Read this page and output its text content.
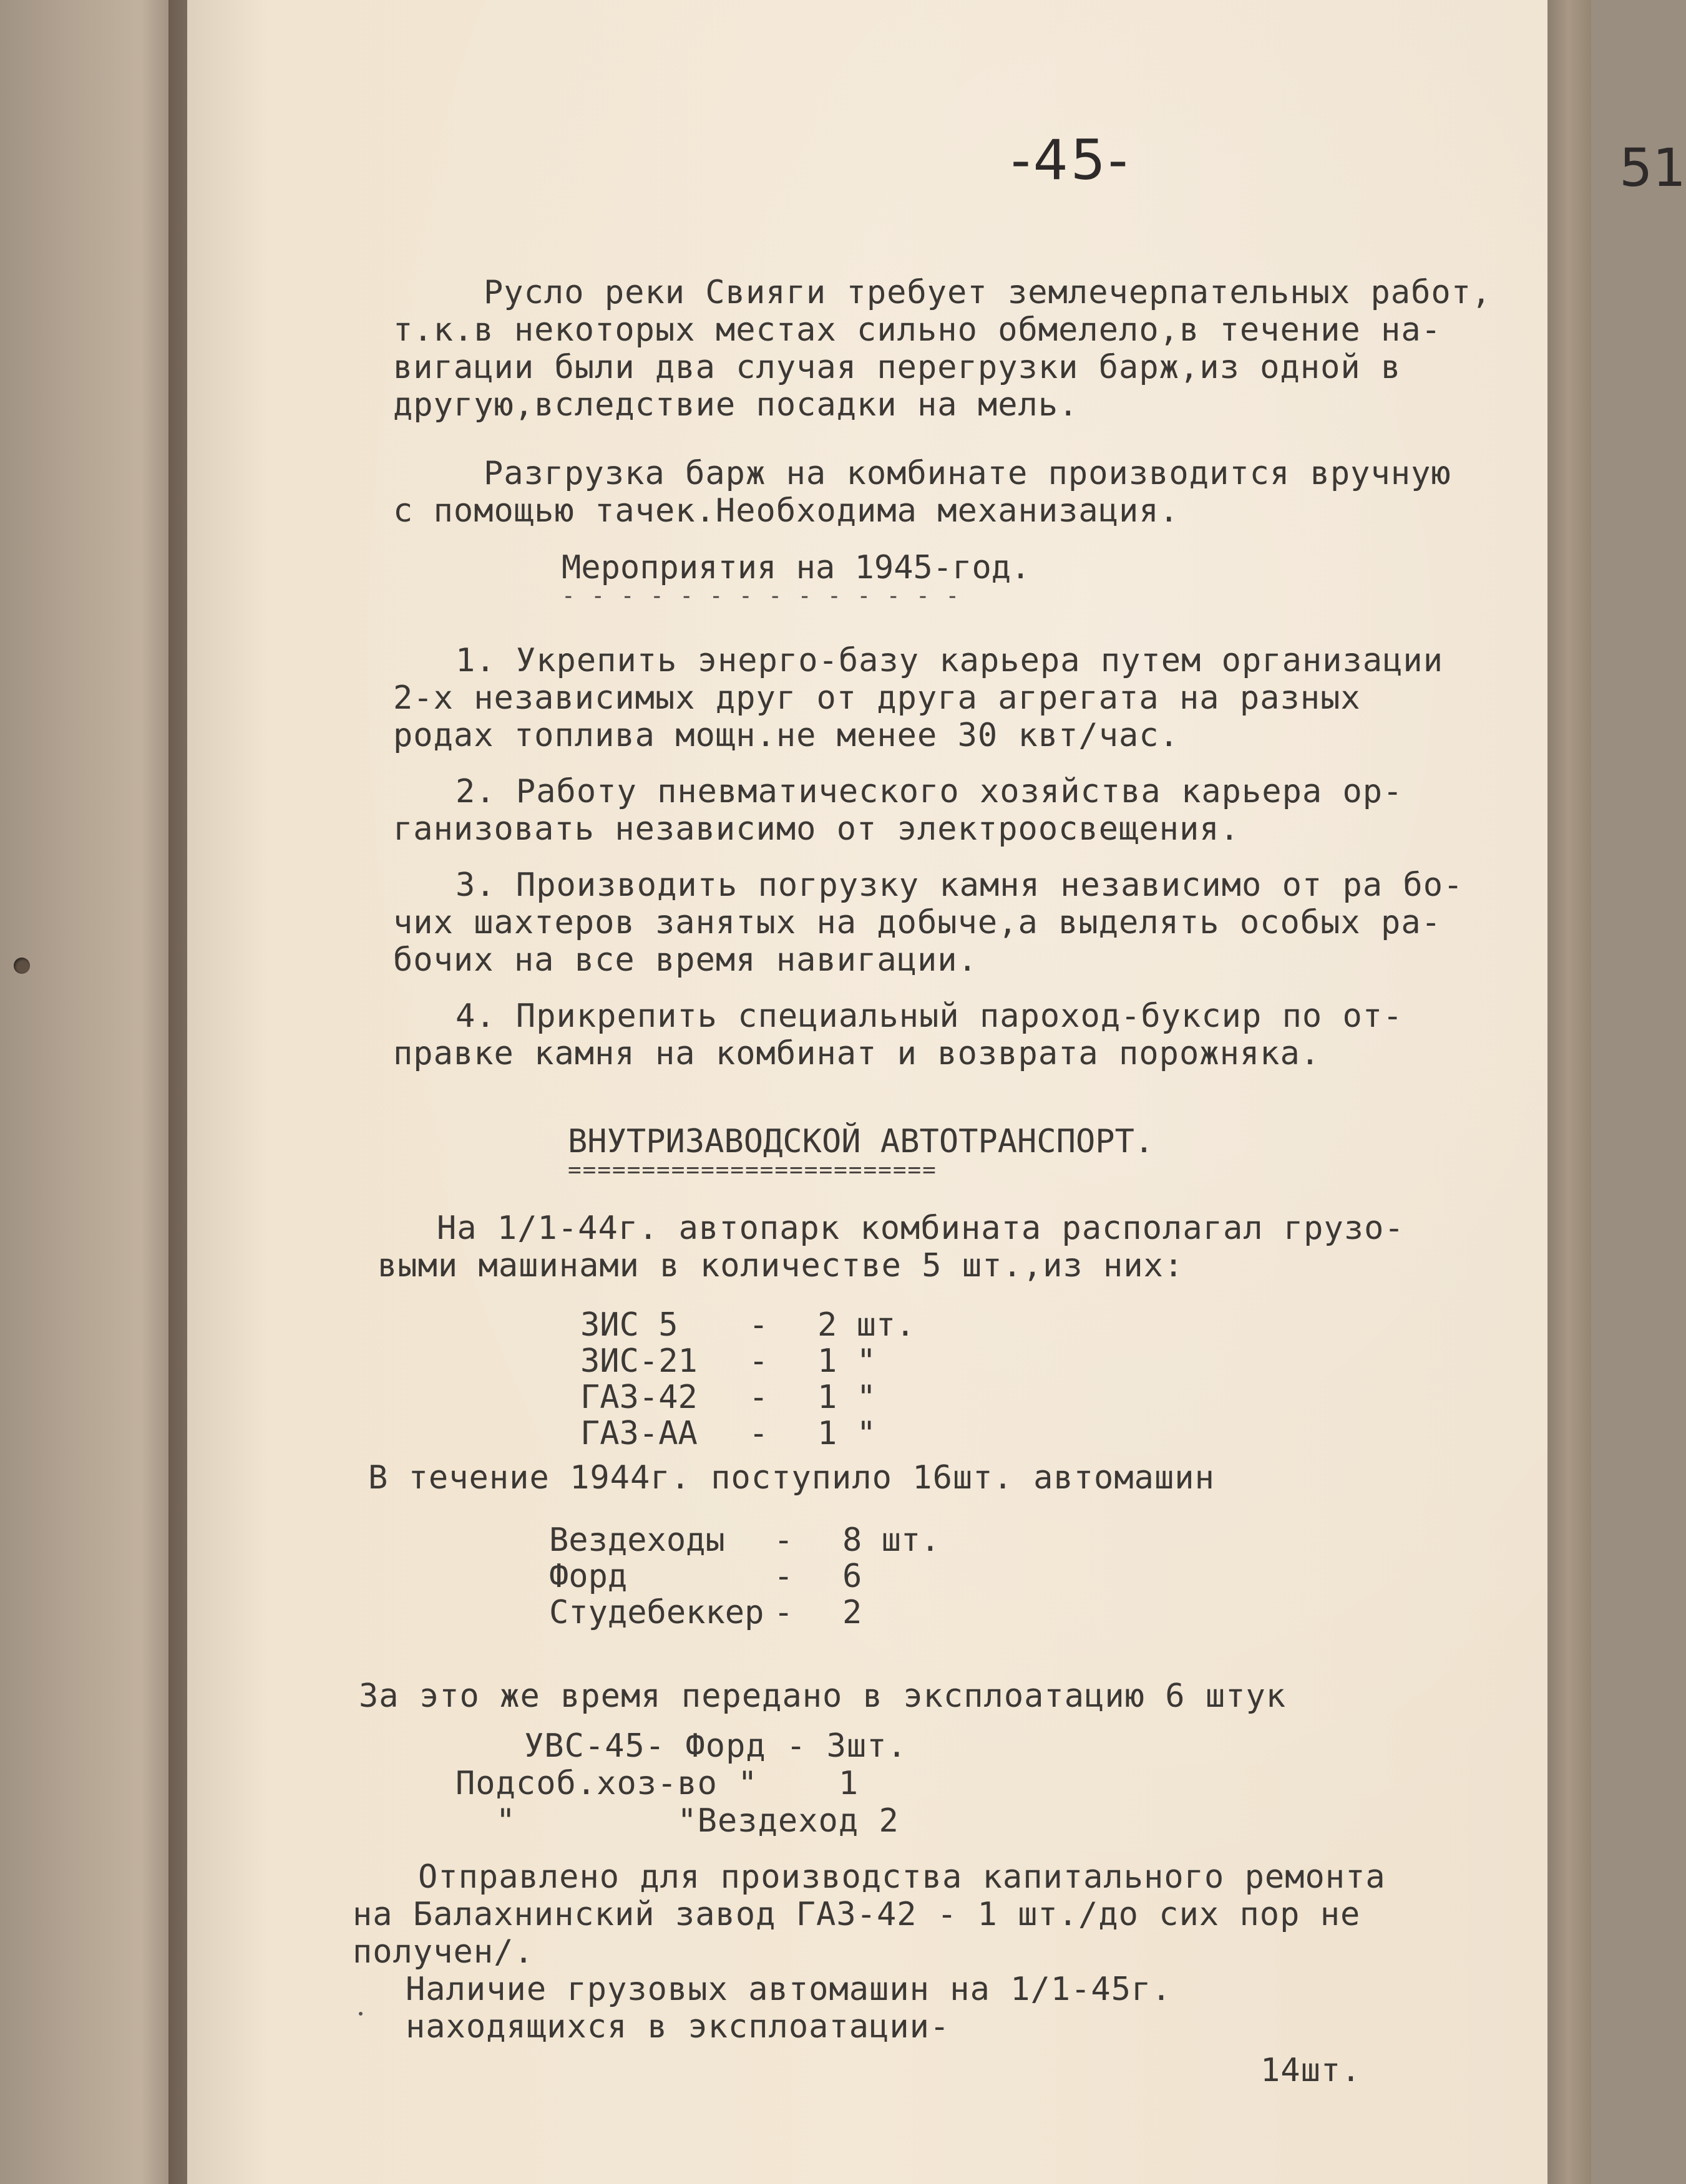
-45-	51
Русло реки Свияги требует землечерпательных работ,
т.к.в некоторых местах сильно обмелело,в течение на-
вигации были два случая перегрузки барж,из одной в
другую,вследствие посадки на мель.
Разгрузка барж на комбинате производится вручную
с помощью тачек.Необходима механизация.
Мероприятия на 1945-год.
- - - - - - - - - - - - - -
1. Укрепить энерго-базу карьера путем организации
2-х независимых друг от друга агрегата на разных
родах топлива мощн.не менее 30 квт/час.
2. Работу пневматического хозяйства карьера ор-
ганизовать независимо от электроосвещения.
3. Производить погрузку камня независимо от ра бо-
чих шахтеров занятых на добыче,а выделять особых ра-
бочих на все время навигации.
4. Прикрепить специальный пароход-буксир по от-
правке камня на комбинат и возврата порожняка.
ВНУТРИЗАВОДСКОЙ АВТОТРАНСПОРТ.
=========================
На 1/1-44г. автопарк комбината располагал грузо-
выми машинами в количестве 5 шт.,из них:
ЗИС 5 - 2 шт.
ЗИС-21 - 1 "
ГАЗ-42 - 1 "
ГАЗ-АА - 1 "
В течение 1944г. поступило 16шт. автомашин
Вездеходы - 8 шт.
Форд	- 6
Студебеккер - 2
За это же время передано в эксплоатацию 6 штук
УВС-45- Форд - 3шт.
Подсоб.хоз-во "    1
"        "Вездеход 2
Отправлено для производства капитального ремонта
на Балахнинский завод ГАЗ-42 - 1 шт./до сих пор не
получен/.
Наличие грузовых автомашин на 1/1-45г.
находящихся в эксплоатации-
14шт.
